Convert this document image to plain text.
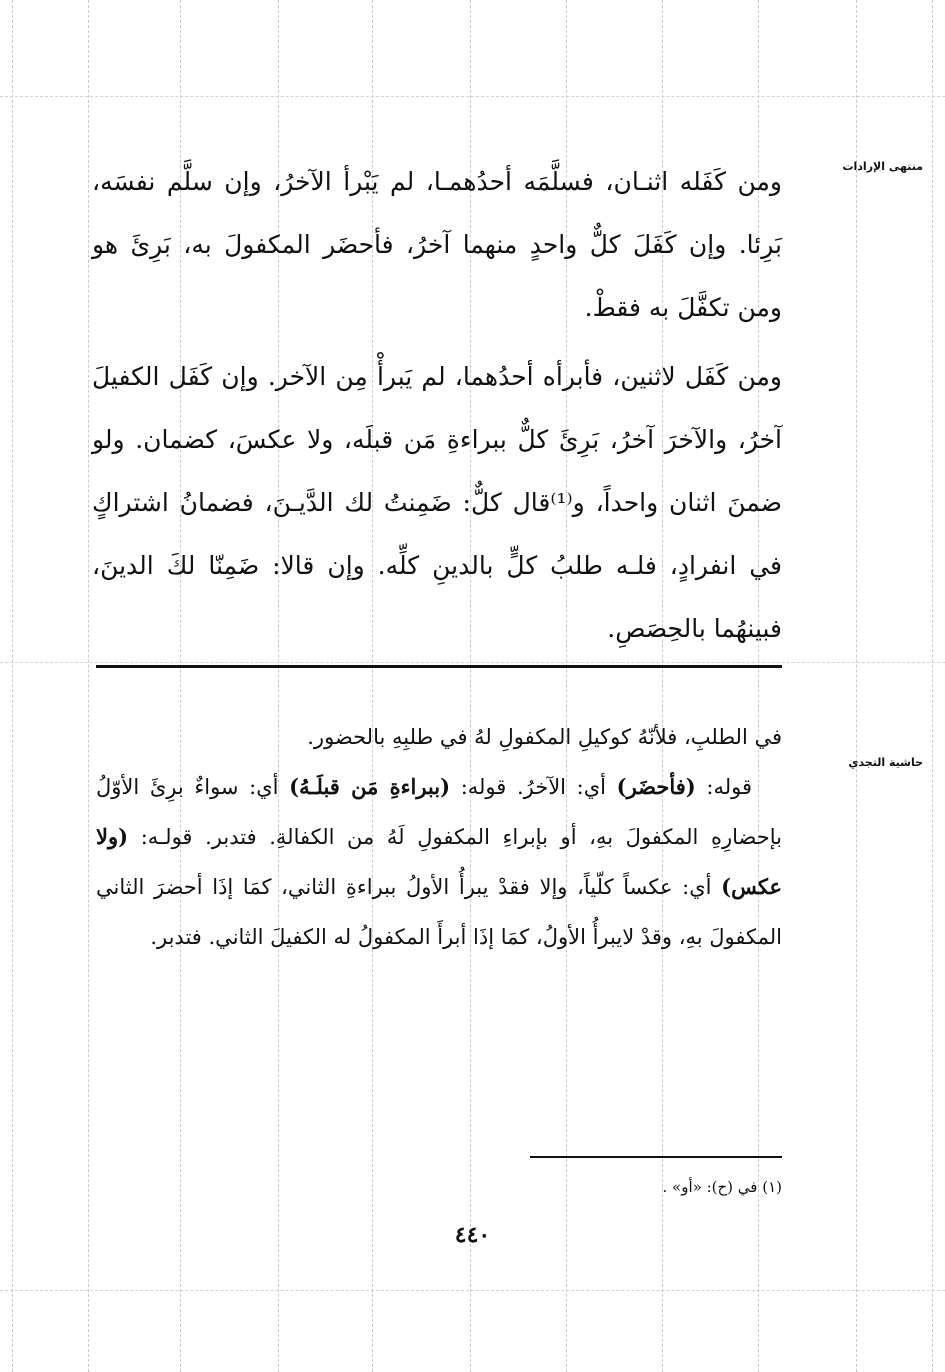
منتهى الإرادات
حاشية التجدي

ومن كَفَله اثنـان، فسلَّمَه أحدُهمـا، لم يَبْرأ الآخرُ، وإن سلَّم نفسَه، بَرِئا. وإن كَفَلَ كلٌّ واحدٍ منهما آخرُ، فأحضَر المكفولَ به، بَرِئَ هو ومن تكفَّلَ به فقطْ.

ومن كَفَل لاثنين، فأبرأه أحدُهما، لم يَبرأْ مِن الآخر. وإن كَفَل الكفيلَ آخرُ، والآخرَ آخرُ، بَرِئَ كلٌّ ببراءةِ مَن قبلَه، ولا عكسَ، كضمان. ولو ضمنَ اثنان واحداً، و⁽¹⁾قال كلٌّ: ضَمِنتُ لك الدَّيـنَ، فضمانُ اشتراكٍ في انفرادٍ، فلـه طلبُ كلٍّ بالدينِ كلِّه. وإن قالا: ضَمِنّا لكَ الدينَ، فبينهُما بالحِصَصِ.

في الطلبِ، فلأنّهُ كوكيلِ المكفولِ لهُ في طلبِهِ بالحضور.

قوله: (فأحضَر) أي: الآخرُ. قوله: (ببراءةِ مَن قبلَـهُ) أي: سواءٌ برِئَ الأوّلُ بإحضارِهِ المكفولَ بهِ، أو بإبراءِ المكفولِ لَهُ من الكفالةِ. فتدبر. قولـه: (ولا عكس) أي: عكساً كلّياً، وإلا فقدْ يبرأُ الأولُ ببراءةِ الثاني، كمَا إذَا أحضرَ الثاني المكفولَ بهِ، وقدْ لايبرأُ الأولُ، كمَا إذَا أبرأَ المكفولُ له الكفيلَ الثاني. فتدبر.

(١) في (ح): «أو» .
٤٤٠
